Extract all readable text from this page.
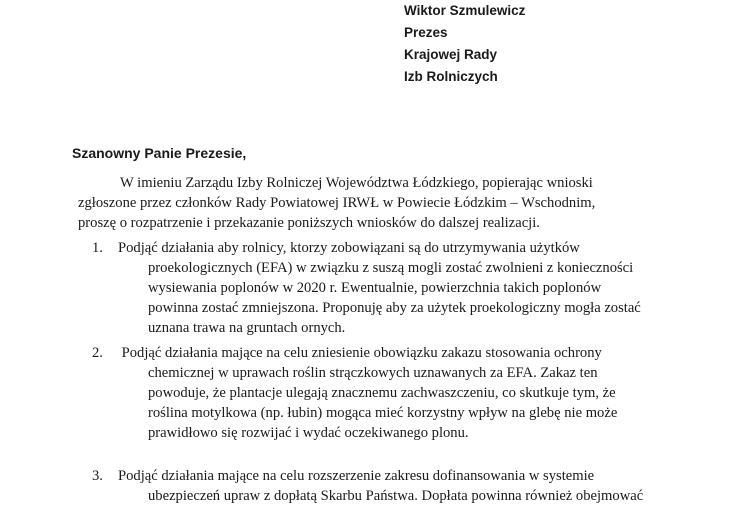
Wiktor Szmulewicz
Prezes
Krajowej Rady
Izb Rolniczych
Szanowny Panie Prezesie,
W imieniu Zarządu Izby Rolniczej Województwa Łódzkiego, popierając wnioski
zgłoszone przez członków Rady Powiatowej IRWŁ w Powiecie Łódzkim – Wschodnim,
proszę o rozpatrzenie i przekazanie poniższych wniosków do dalszej realizacji.
1. Podjąć działania aby rolnicy, ktorzy zobowiązani są do utrzymywania użytków
proekologicznych (EFA) w związku z suszą mogli zostać zwolnieni z konieczności
wysiewania poplonów w 2020 r. Ewentualnie, powierzchnia takich poplonów
powinna zostać zmniejszona. Proponuję aby za użytek proekologiczny mogła zostać
uznana trawa na gruntach ornych.
2. Podjąć działania mające na celu zniesienie obowiązku zakazu stosowania ochrony
chemicznej w uprawach roślin strączkowych uznawanych za EFA. Zakaz ten
powoduje, że plantacje ulegają znacznemu zachwaszczeniu, co skutkuje tym, że
roślina motylkowa (np. łubin) mogąca mieć korzystny wpływ na glebę nie może
prawidłowo się rozwijać i wydać oczekiwanego plonu.
3. Podjąć działania mające na celu rozszerzenie zakresu dofinansowania w systemie
ubezpieczeń upraw z dopłatą Skarbu Państwa. Dopłata powinna również obejmować
